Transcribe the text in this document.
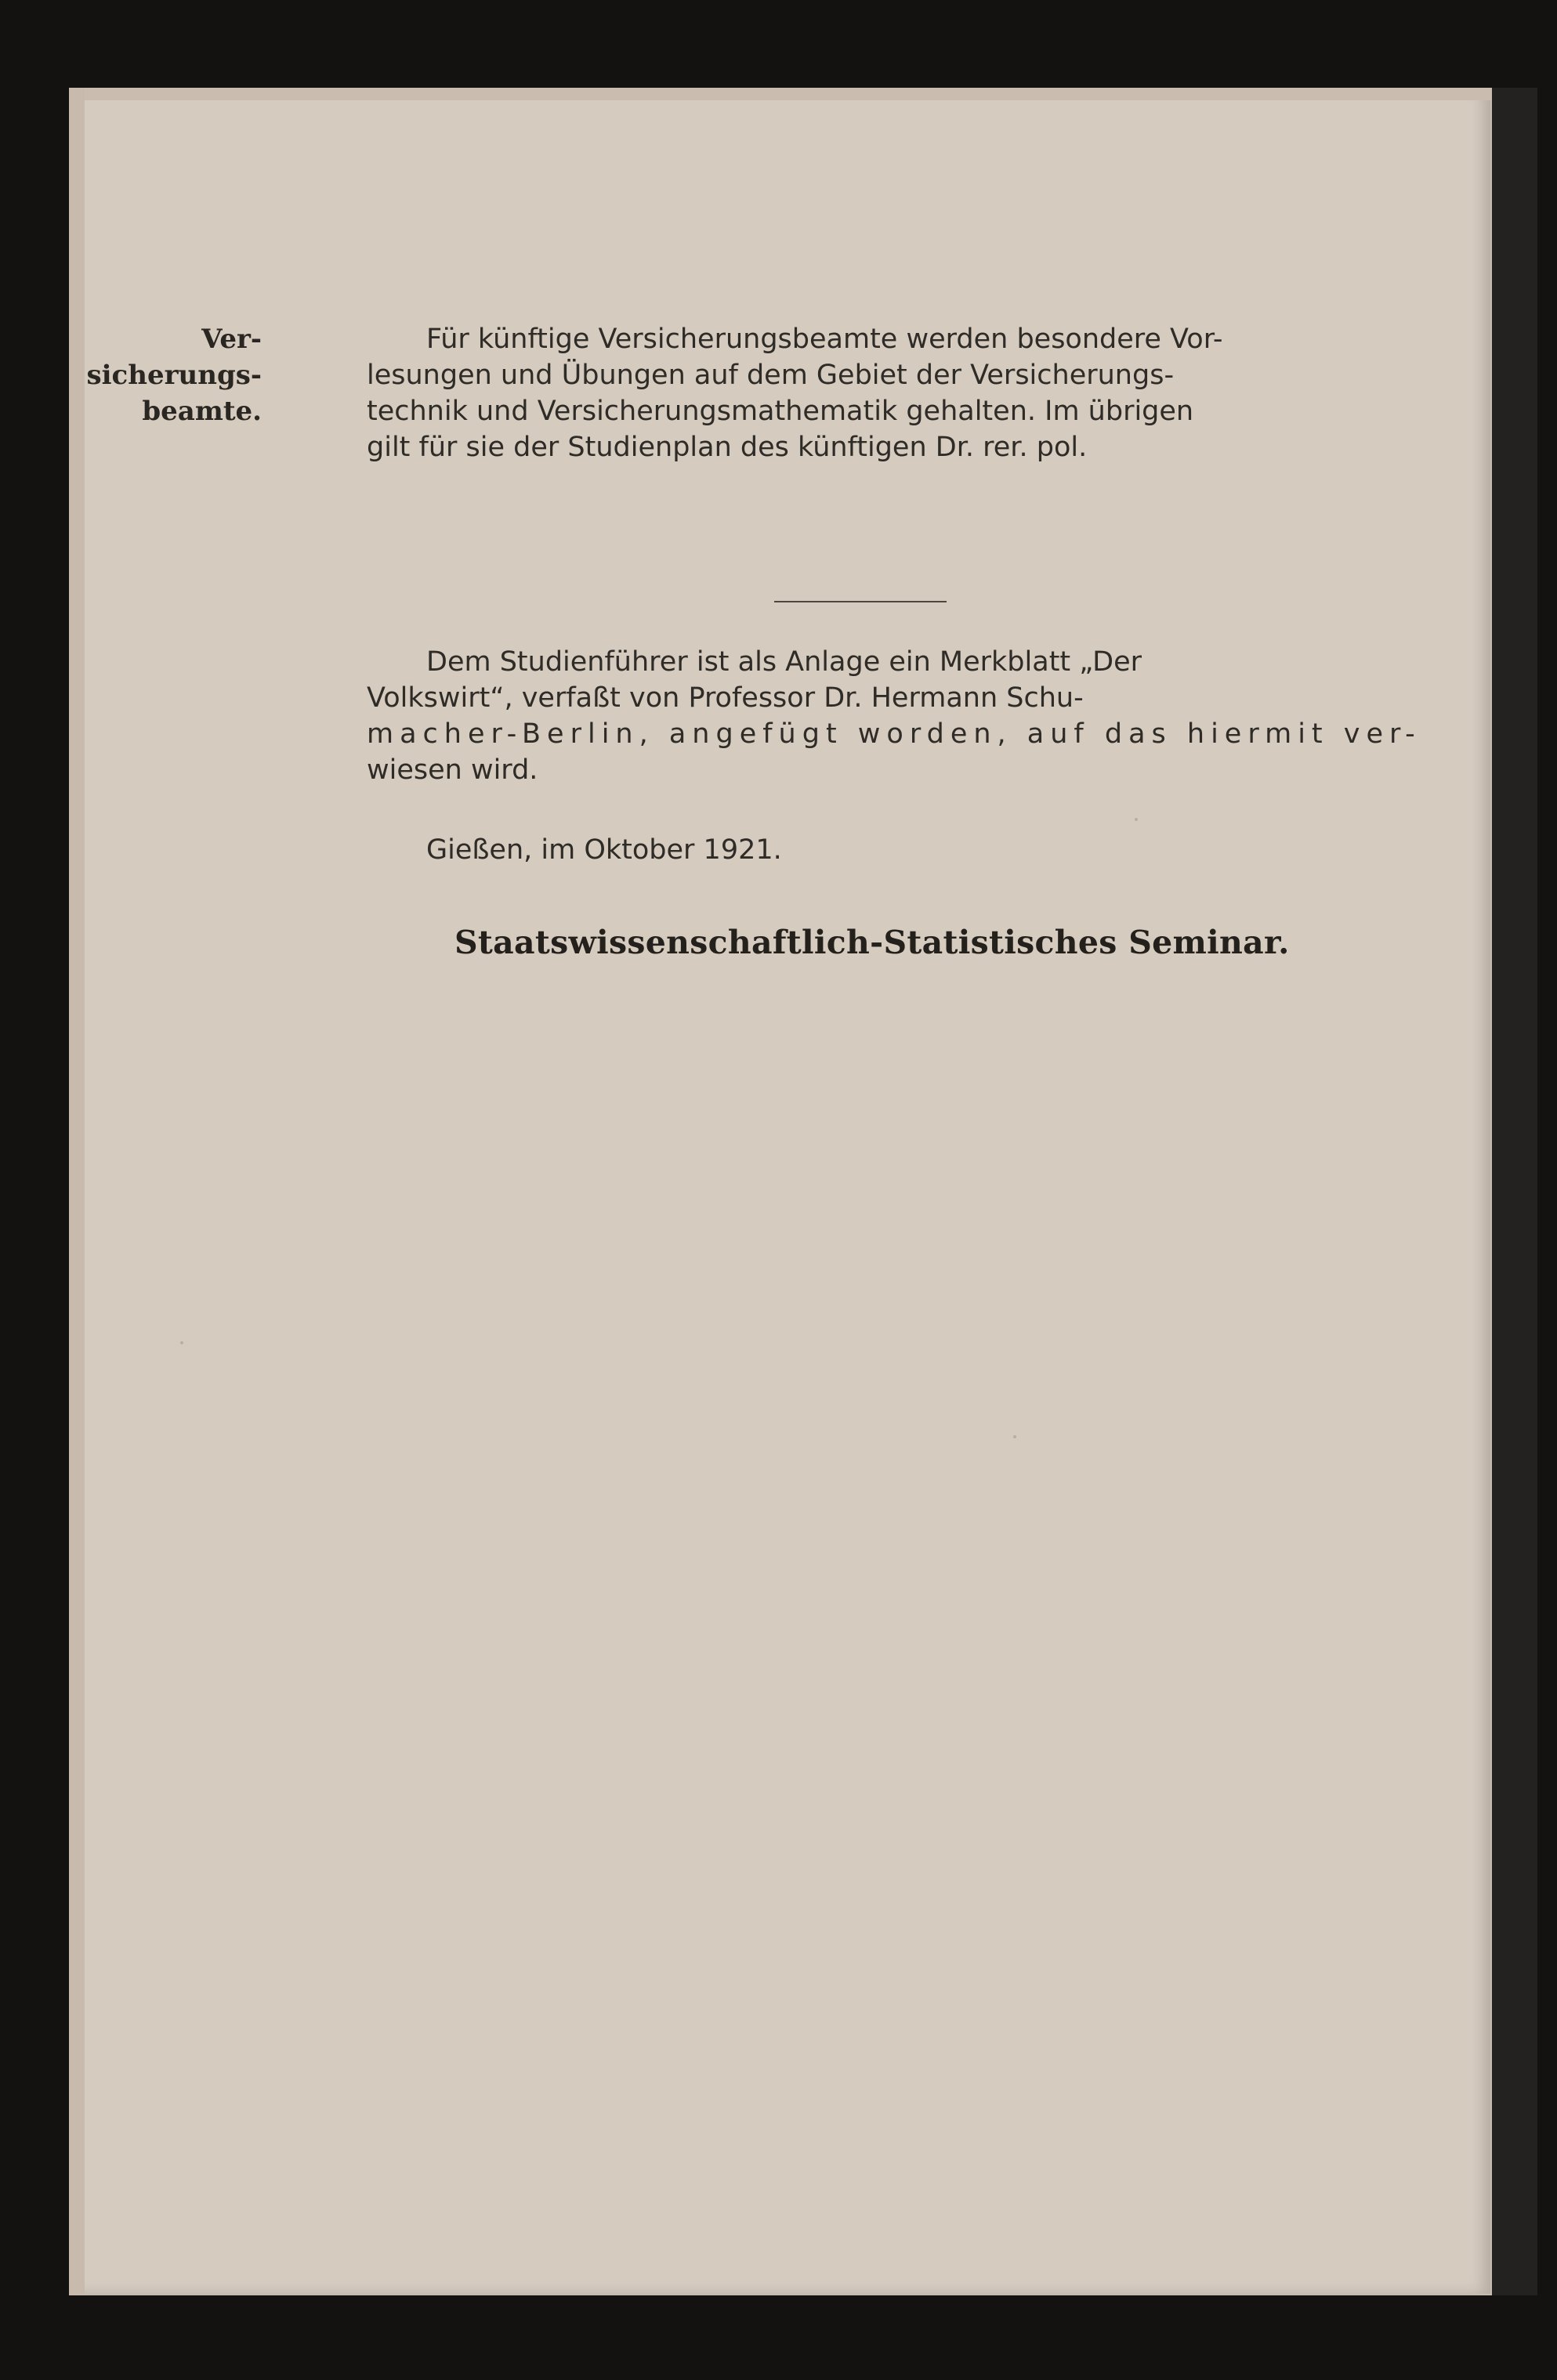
Ver-
sicherungs-
beamte.
Für künftige Versicherungsbeamte werden besondere Vor-
lesungen und Übungen auf dem Gebiet der Versicherungs-
technik und Versicherungsmathematik gehalten. Im übrigen
gilt für sie der Studienplan des künftigen Dr. rer. pol.
Dem Studienführer ist als Anlage ein Merkblatt „Der
Volkswirt“, verfaßt von Professor Dr. Hermann Schu-
macher-Berlin, angefügt worden, auf das hiermit ver-
wiesen wird.
Gießen, im Oktober 1921.
Staatswissenschaftlich-Statistisches Seminar.
